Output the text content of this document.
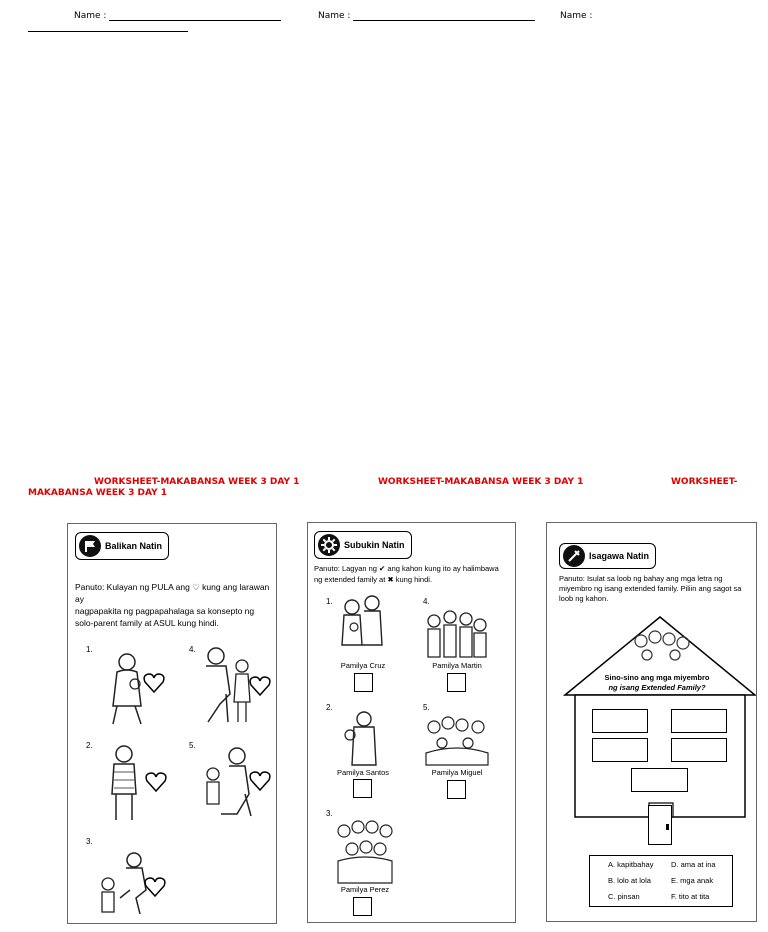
Name :	Name :	Name :
WORKSHEET-MAKABANSA WEEK 3 DAY 1	WORKSHEET-MAKABANSA WEEK 3 DAY 1	WORKSHEET-
MAKABANSA WEEK 3 DAY 1
Balikan Natin
Panuto: Kulayan ng PULA ang ♡ kung ang larawan ay
nagpapakita ng pagpapahalaga sa konsepto ng
solo-parent family at ASUL kung hindi.
1.	4.
2.	5.
3.
Subukin Natin
Panuto: Lagyan ng ✔ ang kahon kung ito ay halimbawa
ng extended family at ✖ kung hindi.
1.
Pamilya Cruz
4.
Pamilya Martin
2.
Pamilya Santos
5.
Pamilya Miguel
3.
Pamilya Perez
Isagawa Natin
Panuto: Isulat sa loob ng bahay ang mga letra ng
miyembro ng isang extended family. Piliin ang sagot sa
loob ng kahon.
Sino-sino ang mga miyembro
ng isang Extended Family?
A. kapitbahay
B. lolo at lola
C. pinsan
D. ama at ina
E. mga anak
F. tito at tita
